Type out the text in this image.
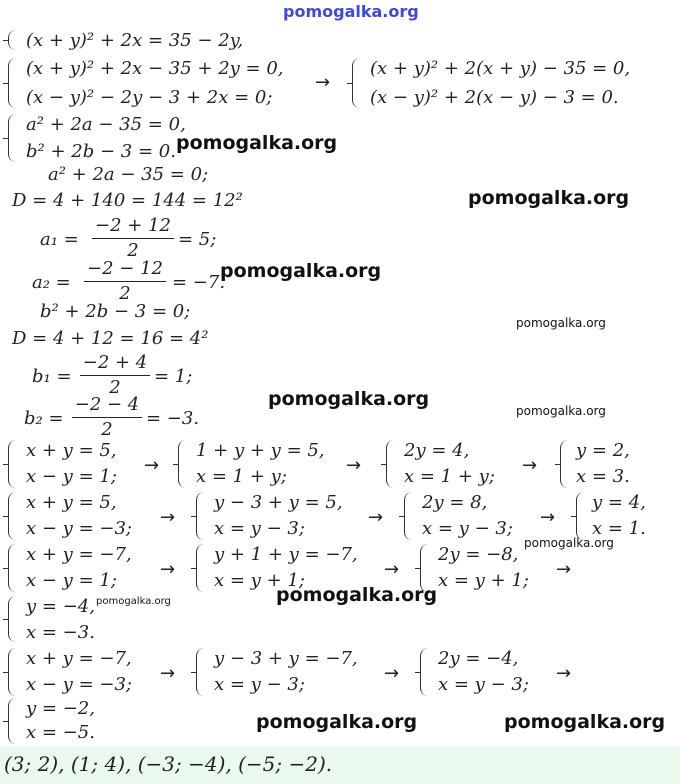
pomogalka.org
(x + y)² + 2x = 35 − 2y,
(x + y)² + 2x − 35 + 2y = 0,
(x − y)² − 2y − 3 + 2x = 0;
→
(x + y)² + 2(x + y) − 35 = 0,
(x − y)² + 2(x − y) − 3 = 0.
a² + 2a − 35 = 0,
b² + 2b − 3 = 0.
a² + 2a − 35 = 0;
D = 4 + 140 = 144 = 12²
a₁ =
−2 + 12
2
= 5;
a₂ =
−2 − 12
2
= −7.
b² + 2b − 3 = 0;
D = 4 + 12 = 16 = 4²
b₁ =
−2 + 4
2
= 1;
b₂ =
−2 − 4
2
= −3.
x + y = 5,
x − y = 1;
→
1 + y + y = 5,
x = 1 + y;
→
2y = 4,
x = 1 + y;
→
y = 2,
x = 3.
x + y = 5,
x − y = −3;
→
y − 3 + y = 5,
x = y − 3;
→
2y = 8,
x = y − 3;
→
y = 4,
x = 1.
x + y = −7,
x − y = 1;
→
y + 1 + y = −7,
x = y + 1;
→
2y = −8,
x = y + 1;
→
y = −4,
x = −3.
x + y = −7,
x − y = −3;
→
y − 3 + y = −7,
x = y − 3;
→
2y = −4,
x = y − 3;
→
y = −2,
x = −5.
(3; 2), (1; 4), (−3; −4), (−5; −2).
pomogalka.org
pomogalka.org
pomogalka.org
pomogalka.org
pomogalka.org
pomogalka.org
pomogalka.org
pomogalka.org
pomogalka.org
pomogalka.org	pomogalka.org
